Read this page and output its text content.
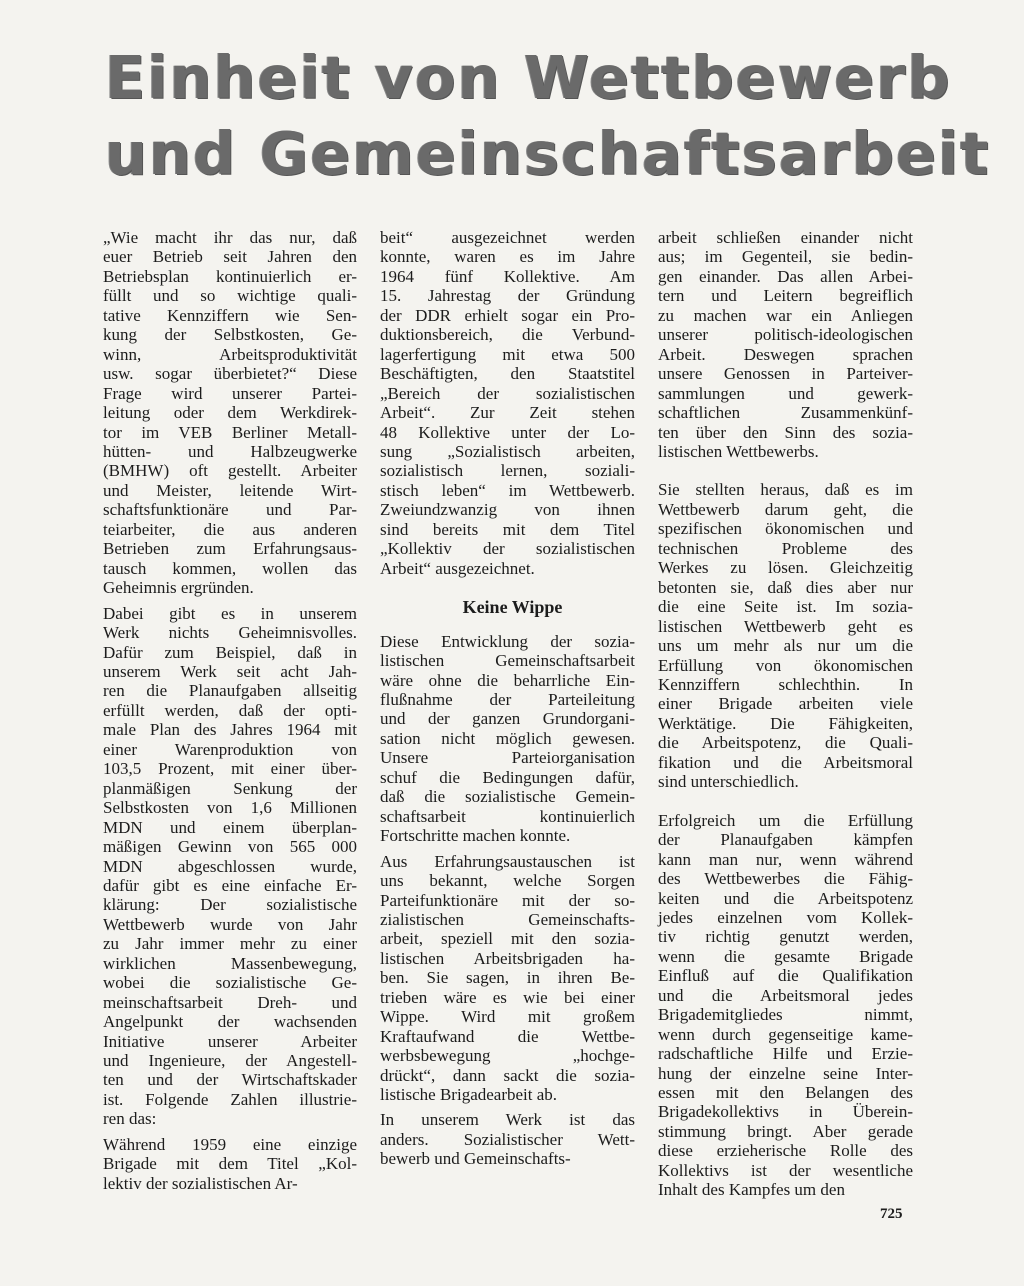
Einheit von Wettbewerb
und Gemeinschaftsarbeit

„Wie macht ihr das nur, daß
euer Betrieb seit Jahren den
Betriebsplan kontinuierlich er-
füllt und so wichtige quali-
tative Kennziffern wie Sen-
kung der Selbstkosten, Ge-
winn, Arbeitsproduktivität
usw. sogar überbietet?“ Diese
Frage wird unserer Partei-
leitung oder dem Werkdirek-
tor im VEB Berliner Metall-
hütten- und Halbzeugwerke
(BMHW) oft gestellt. Arbeiter
und Meister, leitende Wirt-
schaftsfunktionäre und Par-
teiarbeiter, die aus anderen
Betrieben zum Erfahrungsaus-
tausch kommen, wollen das
Geheimnis ergründen.

Dabei gibt es in unserem
Werk nichts Geheimnisvolles.
Dafür zum Beispiel, daß in
unserem Werk seit acht Jah-
ren die Planaufgaben allseitig
erfüllt werden, daß der opti-
male Plan des Jahres 1964 mit
einer Warenproduktion von
103,5 Prozent, mit einer über-
planmäßigen Senkung der
Selbstkosten von 1,6 Millionen
MDN und einem überplan-
mäßigen Gewinn von 565 000
MDN abgeschlossen wurde,
dafür gibt es eine einfache Er-
klärung: Der sozialistische
Wettbewerb wurde von Jahr
zu Jahr immer mehr zu einer
wirklichen Massenbewegung,
wobei die sozialistische Ge-
meinschaftsarbeit Dreh- und
Angelpunkt der wachsenden
Initiative unserer Arbeiter
und Ingenieure, der Angestell-
ten und der Wirtschaftskader
ist. Folgende Zahlen illustrie-
ren das:

Während 1959 eine einzige
Brigade mit dem Titel „Kol-
lektiv der sozialistischen Ar-

beit“ ausgezeichnet werden
konnte, waren es im Jahre
1964 fünf Kollektive. Am
15. Jahrestag der Gründung
der DDR erhielt sogar ein Pro-
duktionsbereich, die Verbund-
lagerfertigung mit etwa 500
Beschäftigten, den Staatstitel
„Bereich der sozialistischen
Arbeit“. Zur Zeit stehen
48 Kollektive unter der Lo-
sung „Sozialistisch arbeiten,
sozialistisch lernen, soziali-
stisch leben“ im Wettbewerb.
Zweiundzwanzig von ihnen
sind bereits mit dem Titel
„Kollektiv der sozialistischen
Arbeit“ ausgezeichnet.

Keine Wippe

Diese Entwicklung der sozia-
listischen Gemeinschaftsarbeit
wäre ohne die beharrliche Ein-
flußnahme der Parteileitung
und der ganzen Grundorgani-
sation nicht möglich gewesen.
Unsere Parteiorganisation
schuf die Bedingungen dafür,
daß die sozialistische Gemein-
schaftsarbeit kontinuierlich
Fortschritte machen konnte.

Aus Erfahrungsaustauschen ist
uns bekannt, welche Sorgen
Parteifunktionäre mit der so-
zialistischen Gemeinschafts-
arbeit, speziell mit den sozia-
listischen Arbeitsbrigaden ha-
ben. Sie sagen, in ihren Be-
trieben wäre es wie bei einer
Wippe. Wird mit großem
Kraftaufwand die Wettbe-
werbsbewegung „hochge-
drückt“, dann sackt die sozia-
listische Brigadearbeit ab.

In unserem Werk ist das
anders. Sozialistischer Wett-
bewerb und Gemeinschafts-

arbeit schließen einander nicht
aus; im Gegenteil, sie bedin-
gen einander. Das allen Arbei-
tern und Leitern begreiflich
zu machen war ein Anliegen
unserer politisch-ideologischen
Arbeit. Deswegen sprachen
unsere Genossen in Parteiver-
sammlungen und gewerk-
schaftlichen Zusammenkünf-
ten über den Sinn des sozia-
listischen Wettbewerbs.

Sie stellten heraus, daß es im
Wettbewerb darum geht, die
spezifischen ökonomischen und
technischen Probleme des
Werkes zu lösen. Gleichzeitig
betonten sie, daß dies aber nur
die eine Seite ist. Im sozia-
listischen Wettbewerb geht es
uns um mehr als nur um die
Erfüllung von ökonomischen
Kennziffern schlechthin. In
einer Brigade arbeiten viele
Werktätige. Die Fähigkeiten,
die Arbeitspotenz, die Quali-
fikation und die Arbeitsmoral
sind unterschiedlich.

Erfolgreich um die Erfüllung
der Planaufgaben kämpfen
kann man nur, wenn während
des Wettbewerbes die Fähig-
keiten und die Arbeitspotenz
jedes einzelnen vom Kollek-
tiv richtig genutzt werden,
wenn die gesamte Brigade
Einfluß auf die Qualifikation
und die Arbeitsmoral jedes
Brigademitgliedes nimmt,
wenn durch gegenseitige kame-
radschaftliche Hilfe und Erzie-
hung der einzelne seine Inter-
essen mit den Belangen des
Brigadekollektivs in Überein-
stimmung bringt. Aber gerade
diese erzieherische Rolle des
Kollektivs ist der wesentliche
Inhalt des Kampfes um den

725
